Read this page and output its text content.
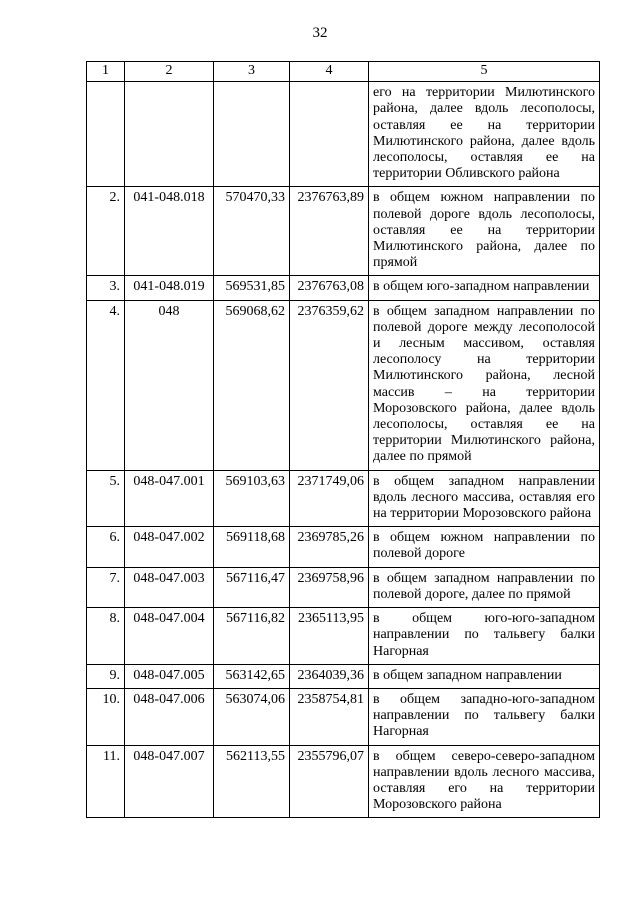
32
1	2	3	4	5
				его на территории Милютинского района, далее вдоль лесополосы, оставляя ее на территории Милютинского района, далее вдоль лесополосы, оставляя ее на территории Обливского района
2.	041-048.018	570470,33	2376763,89	в общем южном направлении по полевой дороге вдоль лесополосы, оставляя ее на территории Милютинского района, далее по прямой
3.	041-048.019	569531,85	2376763,08	в общем юго-западном направлении
4.	048	569068,62	2376359,62	в общем западном направлении по полевой дороге между лесополосой и лесным массивом, оставляя лесополосу на территории Милютинского района, лесной массив – на территории Морозовского района, далее вдоль лесополосы, оставляя ее на территории Милютинского района, далее по прямой
5.	048-047.001	569103,63	2371749,06	в общем западном направлении вдоль лесного массива, оставляя его на территории Морозовского района
6.	048-047.002	569118,68	2369785,26	в общем южном направлении по полевой дороге
7.	048-047.003	567116,47	2369758,96	в общем западном направлении по полевой дороге, далее по прямой
8.	048-047.004	567116,82	2365113,95	в общем юго-юго-западном направлении по тальвегу балки Нагорная
9.	048-047.005	563142,65	2364039,36	в общем западном направлении
10.	048-047.006	563074,06	2358754,81	в общем западно-юго-западном направлении по тальвегу балки Нагорная
11.	048-047.007	562113,55	2355796,07	в общем северо-северо-западном направлении вдоль лесного массива, оставляя его на территории Морозовского района
